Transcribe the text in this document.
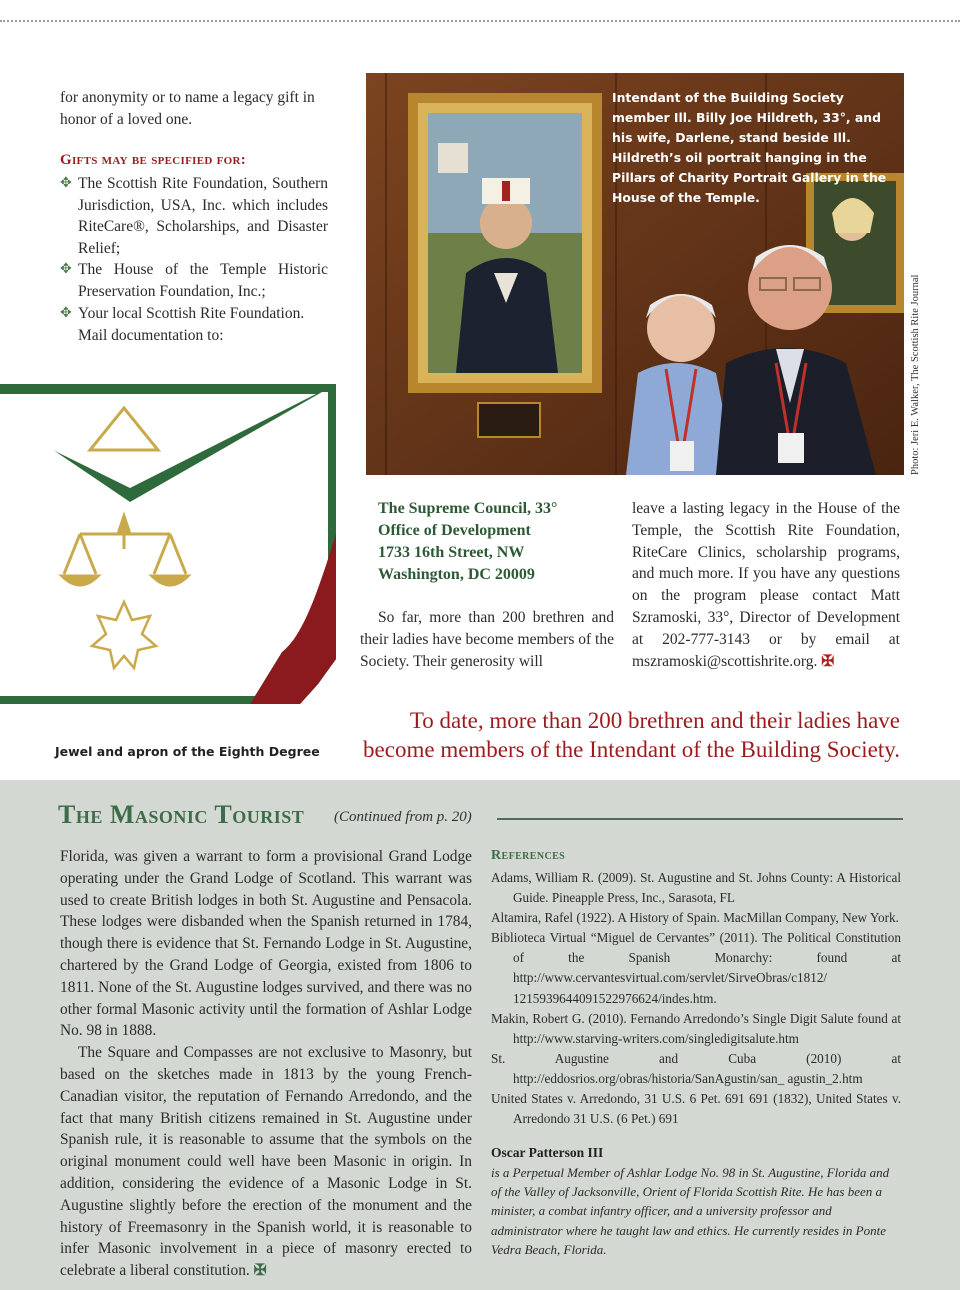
for anonymity or to name a legacy gift in honor of a loved one.

Gifts may be specified for:
✥ The Scottish Rite Foundation, Southern Jurisdiction, USA, Inc. which includes RiteCare®, Scholarships, and Disaster Relief;
✥ The House of the Temple Historic Preservation Foundation, Inc.;
✥ Your local Scottish Rite Foundation.
Mail documentation to:
Jewel and apron of the Eighth Degree
Intendant of the Building Society member Ill. Billy Joe Hildreth, 33°, and his wife, Darlene, stand beside Ill. Hildreth’s oil portrait hanging in the Pillars of Charity Portrait Gallery in the House of the Temple.
Photo: Jeri E. Walker, The Scottish Rite Journal
The Supreme Council, 33°
Office of Development
1733 16th Street, NW
Washington, DC 20009

So far, more than 200 brethren and their ladies have become members of the Society. Their generosity will

leave a lasting legacy in the House of the Temple, the Scottish Rite Foundation, RiteCare Clinics, scholarship programs, and much more. If you have any questions on the program please contact Matt Szramoski, 33°, Director of Development at 202-777-3143 or by email at mszramoski@scottishrite.org. ✠

To date, more than 200 brethren and their ladies have
become members of the Intendant of the Building Society.
The Masonic Tourist (Continued from p. 20)

Florida, was given a warrant to form a provisional Grand Lodge operating under the Grand Lodge of Scotland. This warrant was used to create British lodges in both St. Augustine and Pensacola. These lodges were disbanded when the Spanish returned in 1784, though there is evidence that St. Fernando Lodge in St. Augustine, chartered by the Grand Lodge of Georgia, existed from 1806 to 1811. None of the St. Augustine lodges survived, and there was no other formal Masonic activity until the formation of Ashlar Lodge No. 98 in 1888.

The Square and Compasses are not exclusive to Masonry, but based on the sketches made in 1813 by the young French-Canadian visitor, the reputation of Fernando Arredondo, and the fact that many British citizens remained in St. Augustine under Spanish rule, it is reasonable to assume that the symbols on the original monument could well have been Masonic in origin. In addition, considering the evidence of a Masonic Lodge in St. Augustine slightly before the erection of the monument and the history of Freemasonry in the Spanish world, it is reasonable to infer Masonic involvement in a piece of masonry erected to celebrate a liberal constitution. ✠

References
Adams, William R. (2009). St. Augustine and St. Johns County: A Historical Guide. Pineapple Press, Inc., Sarasota, FL
Altamira, Rafel (1922). A History of Spain. MacMillan Company, New York.
Biblioteca Virtual “Miguel de Cervantes” (2011). The Political Constitution of the Spanish Monarchy: found at http://www.cervantesvirtual.com/servlet/SirveObras/c1812/ 12159396440915229766​24/indes.htm.
Makin, Robert G. (2010). Fernando Arredondo’s Single Digit Salute found at http://www.starving-writers.com/singledigitsalute.htm
St. Augustine and Cuba (2010) at http://eddosrios.org/obras/historia/SanAgustin/san_ agustin_2.htm
United States v. Arredondo, 31 U.S. 6 Pet. 691 691 (1832), United States v. Arredondo 31 U.S. (6 Pet.) 691
Oscar Patterson III

is a Perpetual Member of Ashlar Lodge No. 98 in St. Augustine, Florida and of the Valley of Jacksonville, Orient of Florida Scottish Rite. He has been a minister, a combat infantry officer, and a university professor and administrator where he taught law and ethics. He currently resides in Ponte Vedra Beach, Florida.
